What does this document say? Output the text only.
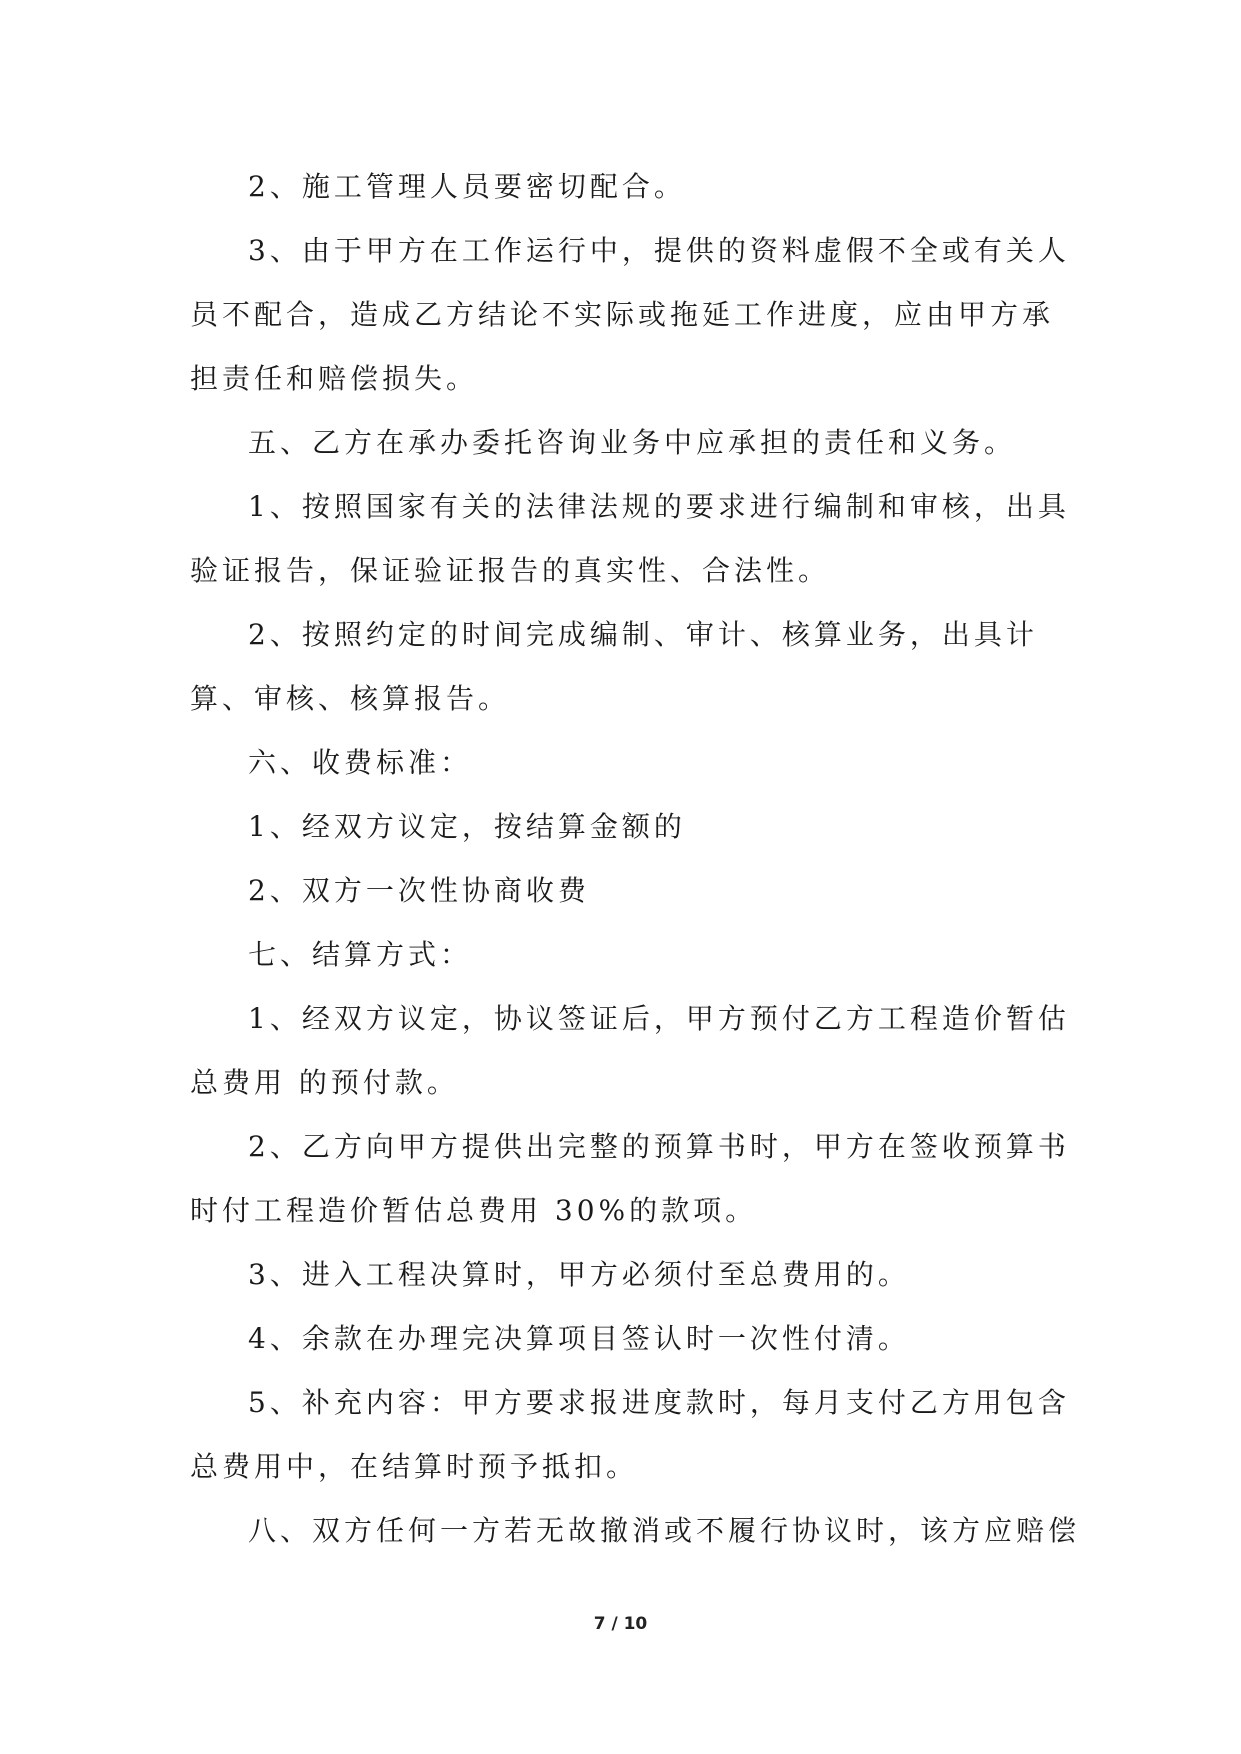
2、施工管理人员要密切配合。

3、由于甲方在工作运行中，提供的资料虚假不全或有关人员不配合，造成乙方结论不实际或拖延工作进度，应由甲方承担责任和赔偿损失。

五、乙方在承办委托咨询业务中应承担的责任和义务。

1、按照国家有关的法律法规的要求进行编制和审核，出具验证报告，保证验证报告的真实性、合法性。

2、按照约定的时间完成编制、审计、核算业务，出具计算、审核、核算报告。

六、收费标准：

1、经双方议定，按结算金额的

2、双方一次性协商收费

七、结算方式：

1、经双方议定，协议签证后，甲方预付乙方工程造价暂估总费用 的预付款。

2、乙方向甲方提供出完整的预算书时，甲方在签收预算书时付工程造价暂估总费用 30%的款项。

3、进入工程决算时，甲方必须付至总费用的。

4、余款在办理完决算项目签认时一次性付清。

5、补充内容：甲方要求报进度款时，每月支付乙方用包含总费用中，在结算时预予抵扣。

八、双方任何一方若无故撤消或不履行协议时，该方应赔偿

7 / 10
